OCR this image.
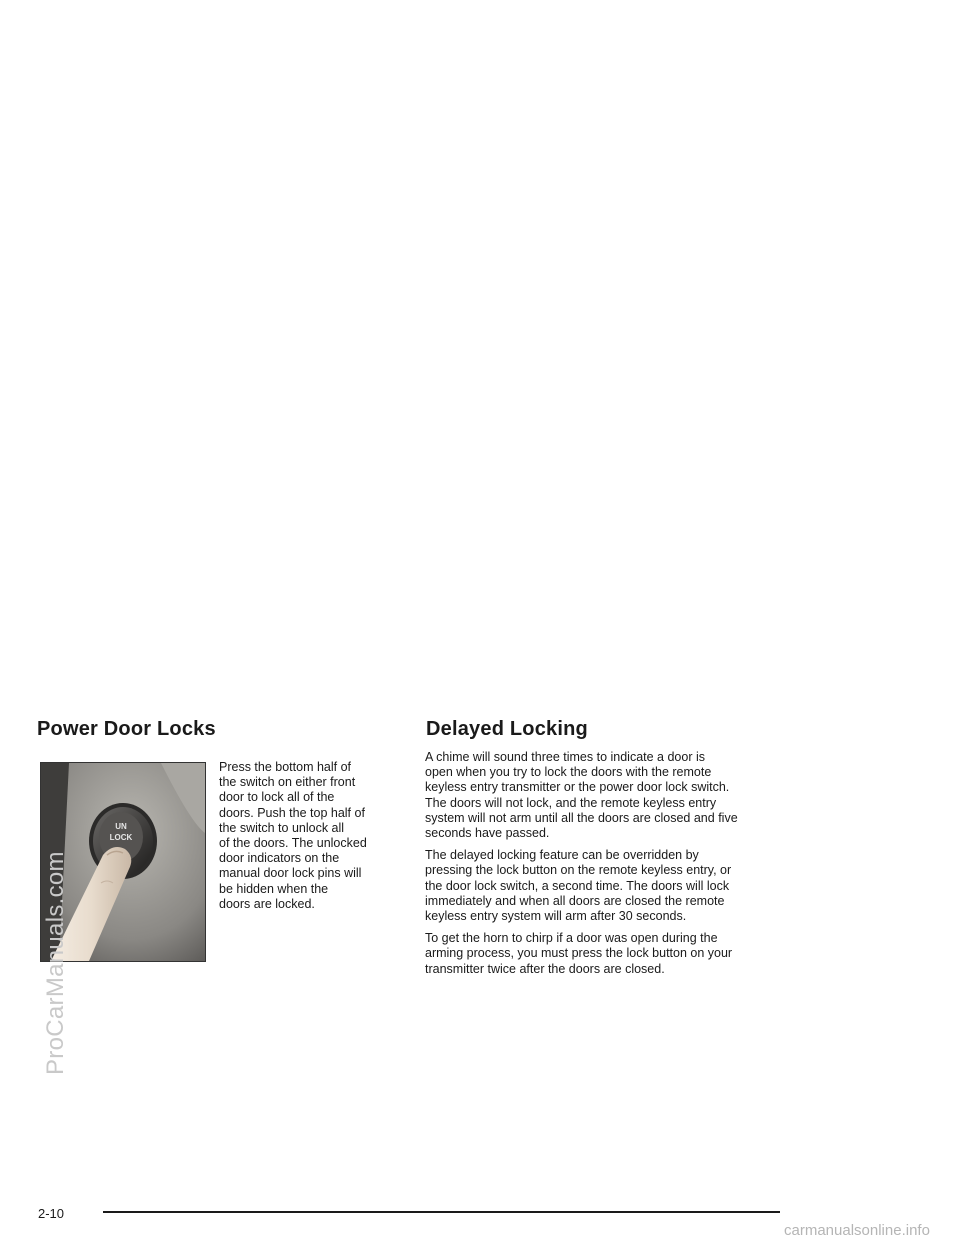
Power Door Locks
UN
LOCK

Press the bottom half of
the switch on either front
door to lock all of the
doors. Push the top half of
the switch to unlock all
of the doors. The unlocked
door indicators on the
manual door lock pins will
be hidden when the
doors are locked.

Delayed Locking

A chime will sound three times to indicate a door is
open when you try to lock the doors with the remote
keyless entry transmitter or the power door lock switch.
The doors will not lock, and the remote keyless entry
system will not arm until all the doors are closed and five
seconds have passed.

The delayed locking feature can be overridden by
pressing the lock button on the remote keyless entry, or
the door lock switch, a second time. The doors will lock
immediately and when all doors are closed the remote
keyless entry system will arm after 30 seconds.

To get the horn to chirp if a door was open during the
arming process, you must press the lock button on your
transmitter twice after the doors are closed.

ProCarManuals.com
2-10
carmanualsonline.info
